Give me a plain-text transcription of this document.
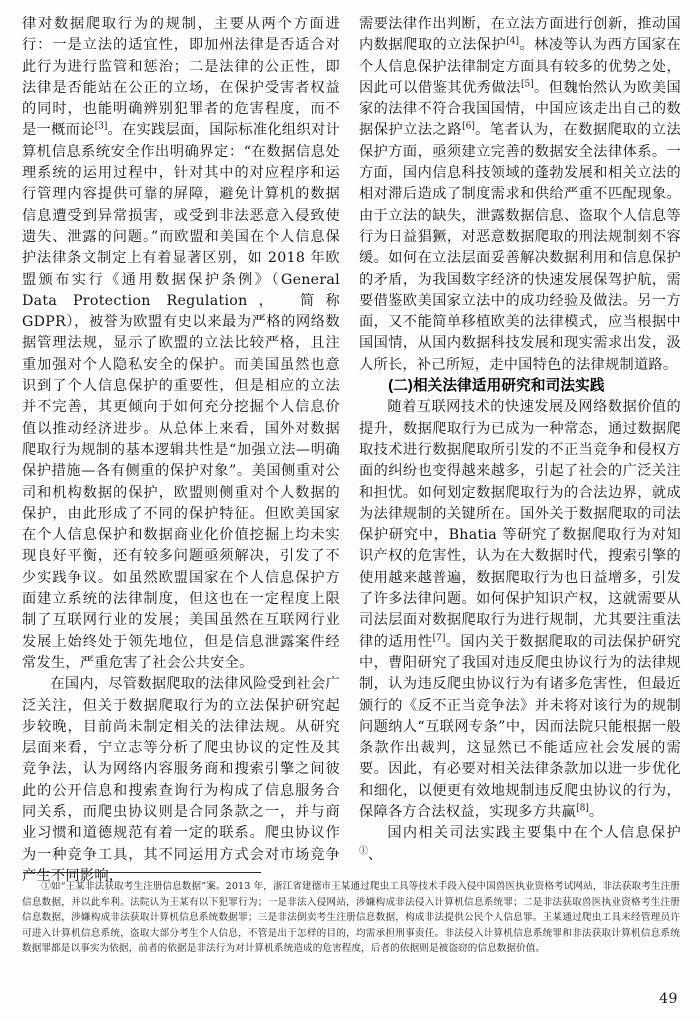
律对数据爬取行为的规制，主要从两个方面进行：一是立法的适宜性，即加州法律是否适合对此行为进行监管和惩治；二是法律的公正性，即法律是否能站在公正的立场，在保护受害者权益的同时，也能明确辨别犯罪者的危害程度，而不是一概而论[3]。在实践层面，国际标准化组织对计算机信息系统安全作出明确界定：“在数据信息处理系统的运用过程中，针对其中的对应程序和运行管理内容提供可靠的屏障，避免计算机的数据信息遭受到异常损害，或受到非法恶意入侵致使遗失、泄露的问题。”而欧盟和美国在个人信息保护法律条文制定上有着显著区别，如 2018 年欧盟颁布实行《通用数据保护条例》（General Data Protection Regulation， 简称 GDPR），被誉为欧盟有史以来最为严格的网络数据管理法规，显示了欧盟的立法比较严格，且注重加强对个人隐私安全的保护。而美国虽然也意识到了个人信息保护的重要性，但是相应的立法并不完善，其更倾向于如何充分挖掘个人信息价值以推动经济进步。从总体上来看，国外对数据爬取行为规制的基本逻辑共性是“加强立法—明确保护措施—各有侧重的保护对象”。美国侧重对公司和机构数据的保护，欧盟则侧重对个人数据的保护，由此形成了不同的保护特征。但欧美国家在个人信息保护和数据商业化价值挖掘上均未实现良好平衡，还有较多问题亟须解决，引发了不少实践争议。如虽然欧盟国家在个人信息保护方面建立系统的法律制度，但这也在一定程度上限制了互联网行业的发展；美国虽然在互联网行业发展上始终处于领先地位，但是信息泄露案件经常发生，严重危害了社会公共安全。

在国内，尽管数据爬取的法律风险受到社会广泛关注，但关于数据爬取行为的立法保护研究起步较晚，目前尚未制定相关的法律法规。从研究层面来看，宁立志等分析了爬虫协议的定性及其竞争法，认为网络内容服务商和搜索引擎之间彼此的公开信息和搜索查询行为构成了信息服务合同关系，而爬虫协议则是合同条款之一，并与商业习惯和道德规范有着一定的联系。爬虫协议作为一种竞争工具，其不同运用方式会对市场竞争产生不同影响，

需要法律作出判断，在立法方面进行创新，推动国内数据爬取的立法保护[4]。林凌等认为西方国家在个人信息保护法律制定方面具有较多的优势之处，因此可以借鉴其优秀做法[5]。但魏怡然认为欧美国家的法律不符合我国国情，中国应该走出自己的数据保护立法之路[6]。笔者认为，在数据爬取的立法保护方面，亟须建立完善的数据安全法律体系。一方面，国内信息科技领域的蓬勃发展和相关立法的相对滞后造成了制度需求和供给严重不匹配现象。由于立法的缺失，泄露数据信息、盗取个人信息等行为日益猖獗，对恶意数据爬取的刑法规制刻不容缓。如何在立法层面妥善解决数据利用和信息保护的矛盾，为我国数字经济的快速发展保驾护航，需要借鉴欧美国家立法中的成功经验及做法。另一方面，又不能简单移植欧美的法律模式，应当根据中国国情，从国内数据科技发展和现实需求出发，汲人所长，补己所短，走中国特色的法律规制道路。

(二)相关法律适用研究和司法实践

随着互联网技术的快速发展及网络数据价值的提升，数据爬取行为已成为一种常态，通过数据爬取技术进行数据爬取所引发的不正当竞争和侵权方面的纠纷也变得越来越多，引起了社会的广泛关注和担忧。如何划定数据爬取行为的合法边界，就成为法律规制的关键所在。国外关于数据爬取的司法保护研究中，Bhatia 等研究了数据爬取行为对知识产权的危害性，认为在大数据时代，搜索引擎的使用越来越普遍，数据爬取行为也日益增多，引发了许多法律问题。如何保护知识产权，这就需要从司法层面对数据爬取行为进行规制，尤其要注重法律的适用性[7]。国内关于数据爬取的司法保护研究中，曹阳研究了我国对违反爬虫协议行为的法律规制，认为违反爬虫协议行为有诸多危害性，但最近颁行的《反不正当竞争法》并未将对该行为的规制问题纳人“互联网专条”中，因而法院只能根据一般条款作出裁判，这显然已不能适应社会发展的需要。因此，有必要对相关法律条款加以进一步优化和细化，以便更有效地规制违反爬虫协议的行为，保障各方合法权益，实现多方共赢[8]。

国内相关司法实践主要集中在个人信息保护①、

①如“王某非法获取考生注册信息数据”案。2013 年，浙江省建德市王某通过爬虫工具等技术手段入侵中国兽医执业资格考试网站，非法获取考生注册信息数据，并以此牟利。法院认为王某有以下犯罪行为；一是非法入侵网站，涉嫌构成非法侵入计算机信息系统罪；二是非法获取兽医执业资格考生注册信息数据，涉嫌构成非法获取计算机信息系统数据罪；三是非法倒卖考生注册信息数据，构成非法提供公民个人信息罪。王某通过爬虫工具未经管理员许可进入计算机信息系统，盗取大部分考生个人信息，不管是出于怎样的目的，均需承担刑事责任。非法侵入计算机信息系统罪和非法获取计算机信息系统数据罪都是以事实为依据，前者的依据是非法行为对计算机系统造成的危害程度，后者的依据则是被盗窃的信息数据价值。

49
